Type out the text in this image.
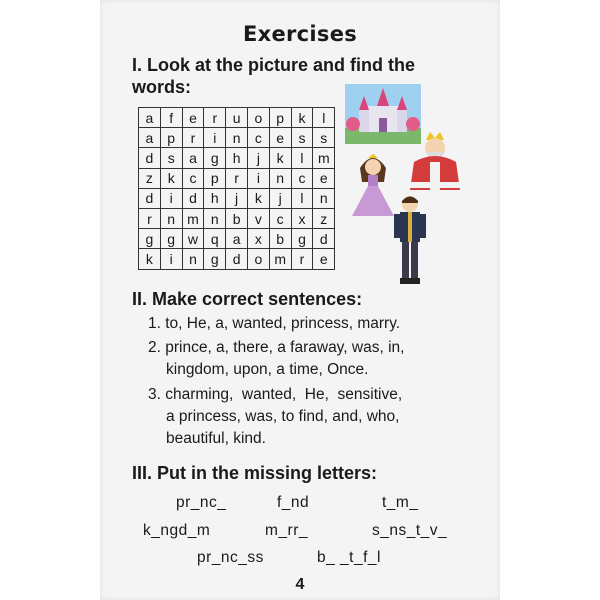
Exercises
I. Look at the picture and find the words:
a	f	e	r	u	o	p	k	l
a	p	r	i	n	c	e	s	s
d	s	a	g	h	j	k	l	m
z	k	c	p	r	i	n	c	e
d	i	d	h	j	k	j	l	n
r	n	m	n	b	v	c	x	z
g	g	w	q	a	x	b	g	d
k	i	n	g	d	o	m	r	e
II. Make correct sentences:
1. to, He, a, wanted, princess, marry.
2. prince, a, there, a faraway, was, in,
kingdom, upon, a time, Once.
3. charming,  wanted,  He,  sensitive,
a princess, was, to find, and, who,
beautiful, kind.
III. Put in the missing letters:
pr_nc_	f_nd	t_m_
k_ngd_m	m_rr_	s_ns_t_v_
pr_nc_ss	b_ _t_f_l
4
